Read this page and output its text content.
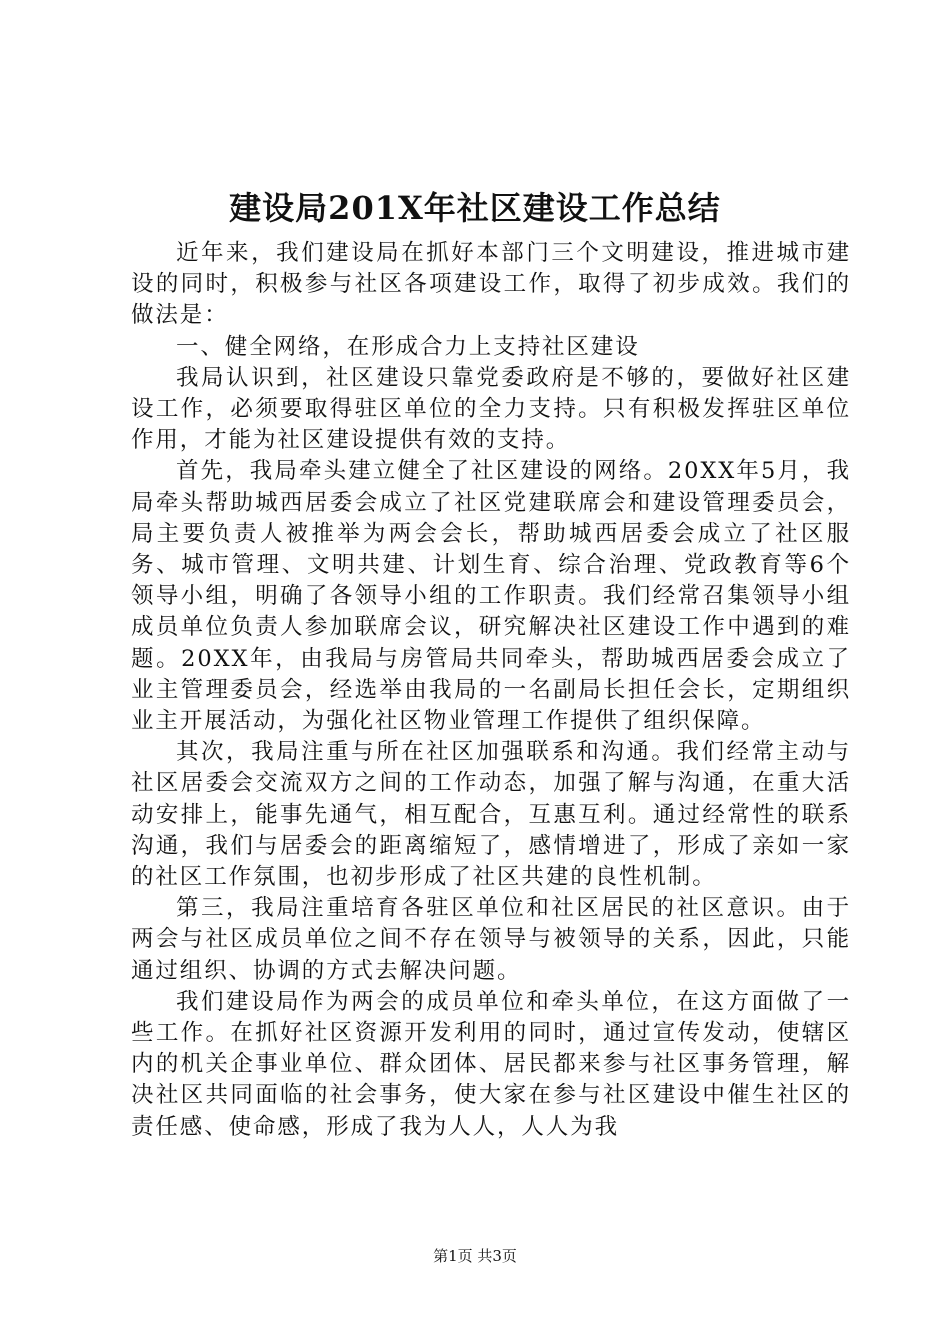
建设局201X年社区建设工作总结

近年来，我们建设局在抓好本部门三个文明建设，推进城市建设的同时，积极参与社区各项建设工作，取得了初步成效。我们的做法是：

一、健全网络，在形成合力上支持社区建设

我局认识到，社区建设只靠党委政府是不够的，要做好社区建设工作，必须要取得驻区单位的全力支持。只有积极发挥驻区单位作用，才能为社区建设提供有效的支持。

首先，我局牵头建立健全了社区建设的网络。20XX年5月，我局牵头帮助城西居委会成立了社区党建联席会和建设管理委员会，局主要负责人被推举为两会会长，帮助城西居委会成立了社区服务、城市管理、文明共建、计划生育、综合治理、党政教育等6个领导小组，明确了各领导小组的工作职责。我们经常召集领导小组成员单位负责人参加联席会议，研究解决社区建设工作中遇到的难题。20XX年，由我局与房管局共同牵头，帮助城西居委会成立了业主管理委员会，经选举由我局的一名副局长担任会长，定期组织业主开展活动，为强化社区物业管理工作提供了组织保障。

其次，我局注重与所在社区加强联系和沟通。我们经常主动与社区居委会交流双方之间的工作动态，加强了解与沟通，在重大活动安排上，能事先通气，相互配合，互惠互利。通过经常性的联系沟通，我们与居委会的距离缩短了，感情增进了，形成了亲如一家的社区工作氛围，也初步形成了社区共建的良性机制。

第三，我局注重培育各驻区单位和社区居民的社区意识。由于两会与社区成员单位之间不存在领导与被领导的关系，因此，只能通过组织、协调的方式去解决问题。

我们建设局作为两会的成员单位和牵头单位，在这方面做了一些工作。在抓好社区资源开发利用的同时，通过宣传发动，使辖区内的机关企事业单位、群众团体、居民都来参与社区事务管理，解决社区共同面临的社会事务，使大家在参与社区建设中催生社区的责任感、使命感，形成了我为人人，人人为我

第1页 共3页
